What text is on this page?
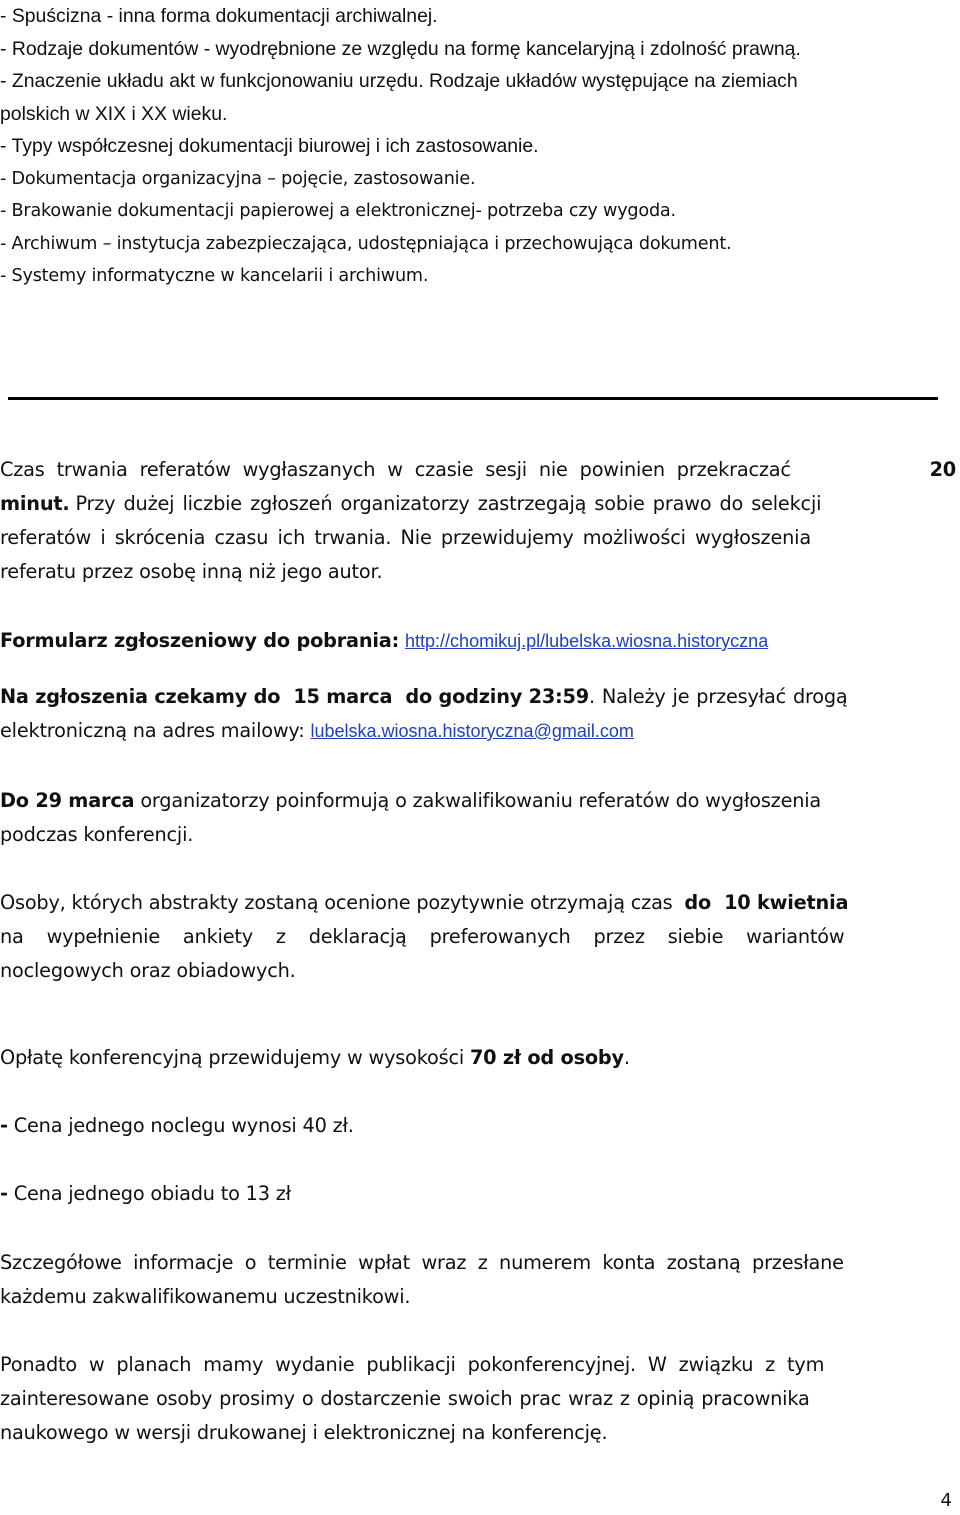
- Spuścizna - inna forma dokumentacji archiwalnej.
- Rodzaje dokumentów - wyodrębnione ze względu na formę kancelaryjną i zdolność prawną.
- Znaczenie układu akt w funkcjonowaniu urzędu. Rodzaje układów występujące na ziemiach
polskich w XIX i XX wieku.
- Typy współczesnej dokumentacji biurowej i ich zastosowanie.
- Dokumentacja organizacyjna – pojęcie, zastosowanie.
- Brakowanie dokumentacji papierowej a elektronicznej- potrzeba czy wygoda.
- Archiwum – instytucja zabezpieczająca, udostępniająca i przechowująca dokument.
- Systemy informatyczne w kancelarii i archiwum.
Czas trwania referatów wygłaszanych w czasie sesji nie powinien przekraczać	20
minut.
Przy dużej liczbie zgłoszeń organizatorzy zastrzegają sobie prawo do selekcji
referatów i skrócenia czasu ich trwania. Nie przewidujemy możliwości wygłoszenia
referatu przez osobę inną niż jego autor.
Formularz zgłoszeniowy do pobrania:
http://chomikuj.pl/lubelska.wiosna.historyczna
Na zgłoszenia czekamy do  15 marca  do godziny 23:59 . Należy je przesyłać drogą
elektroniczną na adres mailowy:
lubelska.wiosna.historyczna@gmail.com
Do 29 marca
organizatorzy poinformują o zakwalifikowaniu referatów do wygłoszenia
podczas konferencji.
Osoby, których abstrakty zostaną ocenione pozytywnie otrzymają czas
do  10 kwietnia
na wypełnienie ankiety z deklaracją preferowanych przez siebie wariantów
noclegowych oraz obiadowych.
Opłatę konferencyjną przewidujemy w wysokości
70 zł od osoby .
-
Cena jednego noclegu wynosi 40 zł.
-
Cena jednego obiadu to 13 zł
Szczegółowe informacje o terminie wpłat wraz z numerem konta zostaną przesłane
każdemu zakwalifikowanemu uczestnikowi.
Ponadto w planach mamy wydanie publikacji pokonferencyjnej. W związku z tym
zainteresowane osoby prosimy o dostarczenie swoich prac wraz z opinią pracownika
naukowego w wersji drukowanej i elektronicznej na konferencję.
4
